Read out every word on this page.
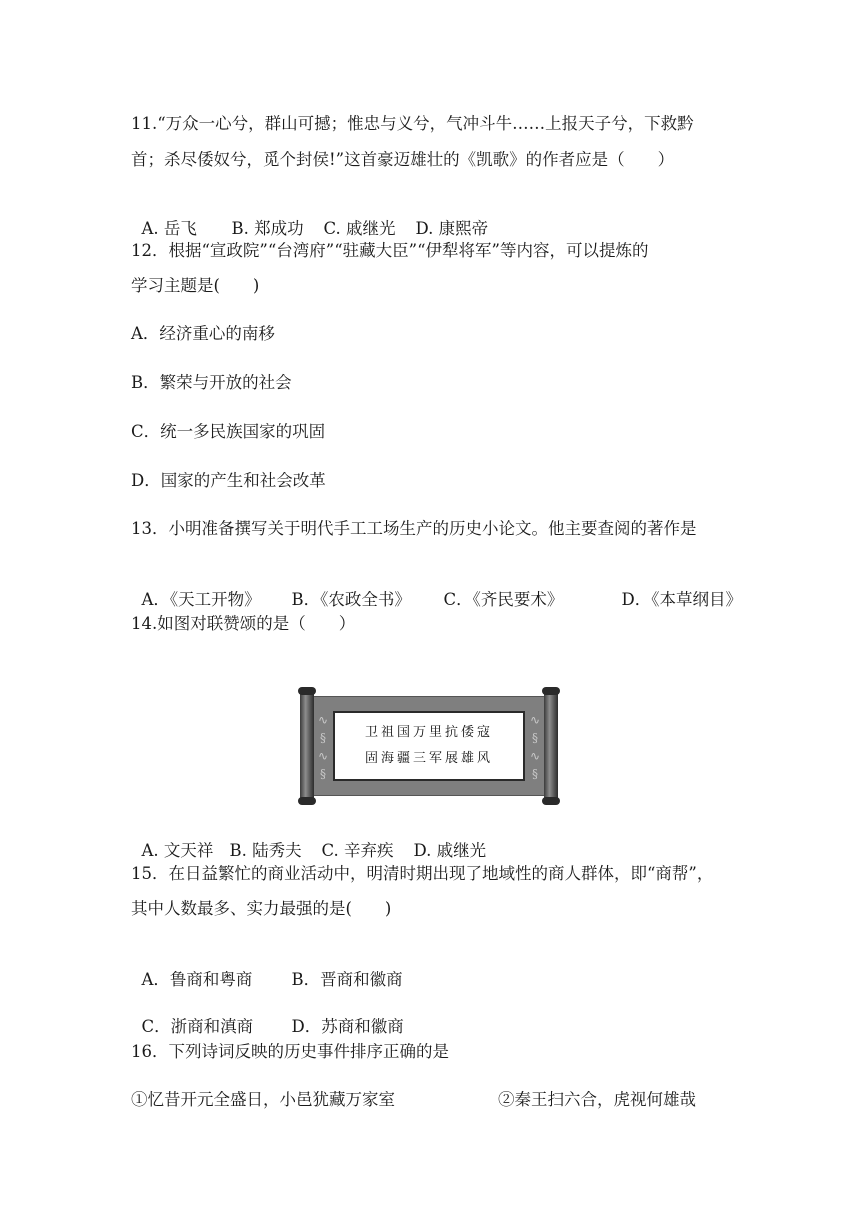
11.“万众一心兮，群山可撼；惟忠与义兮，气冲斗牛……上报天子兮，下救黔
首；杀尽倭奴兮，觅个封侯!”这首豪迈雄壮的《凯歌》的作者应是（　　）

A. 岳飞 B. 郑成功 C. 戚继光 D. 康熙帝

12．根据“宣政院”“台湾府”“驻藏大臣”“伊犁将军”等内容，可以提炼的
学习主题是(　　)
A．经济重心的南移
B．繁荣与开放的社会
C．统一多民族国家的巩固
D．国家的产生和社会改革
13．小明准备撰写关于明代手工工场生产的历史小论文。他主要查阅的著作是

A．《天工开物》 B．《农政全书》 C．《齐民要术》	D．《本草纲目》

14.如图对联赞颂的是（　　）
∿
§
∿
§
∿
§
∿
§
卫祖国万里抗倭寇
固海疆三军展雄风

A. 文天祥 B. 陆秀夫 C. 辛弃疾 D. 戚继光

15．在日益繁忙的商业活动中，明清时期出现了地域性的商人群体，即“商帮”，
其中人数最多、实力最强的是(　　)

A．鲁商和粤商 B．晋商和徽商

C．浙商和滇商 D．苏商和徽商

16．下列诗词反映的历史事件排序正确的是
①忆昔开元全盛日，小邑犹藏万家室	②秦王扫六合，虎视何雄哉
